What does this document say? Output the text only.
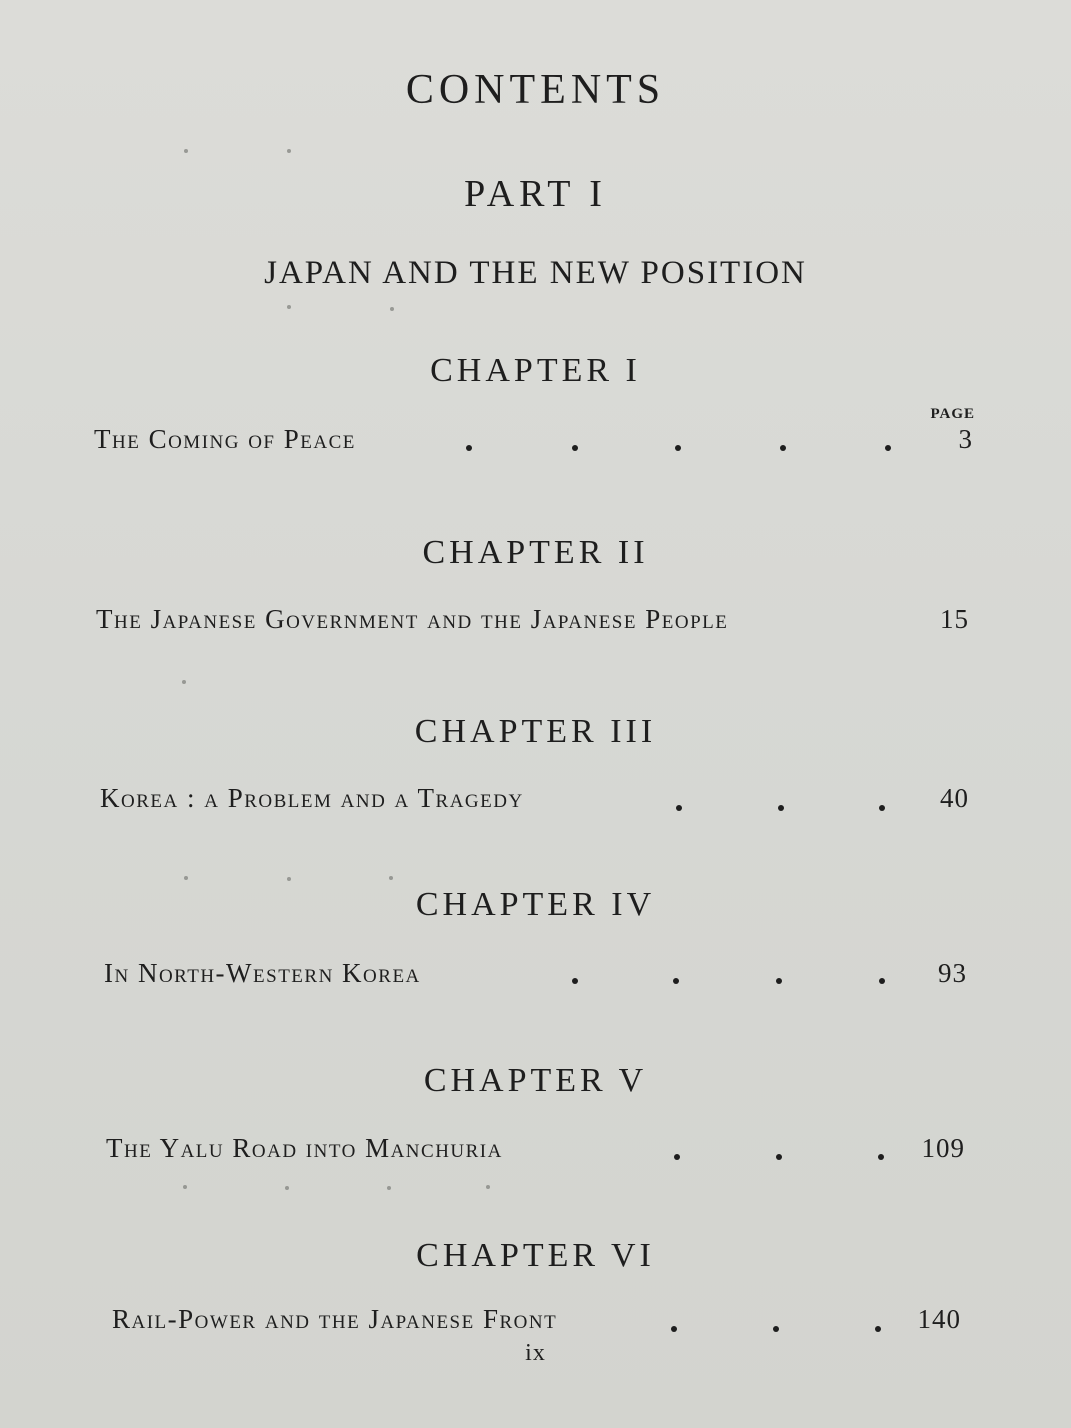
CONTENTS
PART I
JAPAN AND THE NEW POSITION
CHAPTER I
PAGE
The Coming of Peace	3
CHAPTER II
The Japanese Government and the Japanese People	15
CHAPTER III
Korea : a Problem and a Tragedy	40
CHAPTER IV
In North-Western Korea	93
CHAPTER V
The Yalu Road into Manchuria	109
CHAPTER VI
Rail-Power and the Japanese Front	140
ix
